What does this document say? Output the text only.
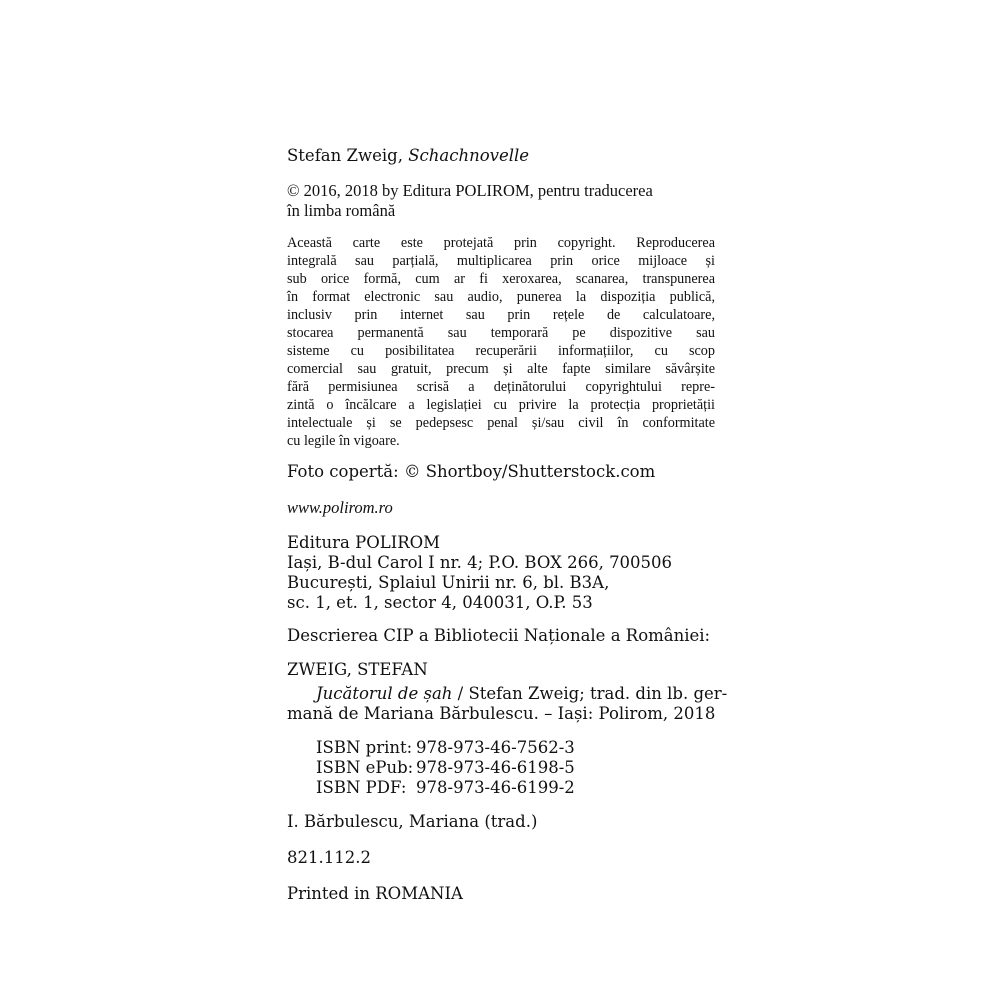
Stefan Zweig, Schachnovelle
© 2016, 2018 by Editura POLIROM, pentru traducerea
în limba română
Această carte este protejată prin copyright. Reproducerea
integrală sau parțială, multiplicarea prin orice mijloace și
sub orice formă, cum ar fi xeroxarea, scanarea, transpunerea
în format electronic sau audio, punerea la dispoziția publică,
inclusiv prin internet sau prin rețele de calculatoare,
stocarea permanentă sau temporară pe dispozitive sau
sisteme cu posibilitatea recuperării informațiilor, cu scop
comercial sau gratuit, precum și alte fapte similare săvârșite
fără permisiunea scrisă a deținătorului copyrightului repre-
zintă o încălcare a legislației cu privire la protecția proprietății
intelectuale și se pedepsesc penal și/sau civil în conformitate
cu legile în vigoare.
Foto copertă: © Shortboy/Shutterstock.com
www.polirom.ro
Editura POLIROM
Iași, B-dul Carol I nr. 4; P.O. BOX 266, 700506
București, Splaiul Unirii nr. 6, bl. B3A,
sc. 1, et. 1, sector 4, 040031, O.P. 53
Descrierea CIP a Bibliotecii Naționale a României:
ZWEIG, STEFAN
Jucătorul de șah / Stefan Zweig; trad. din lb. ger-
mană de Mariana Bărbulescu. – Iași: Polirom, 2018
ISBN print: 978-973-46-7562-3
ISBN ePub: 978-973-46-6198-5
ISBN PDF: 978-973-46-6199-2
I. Bărbulescu, Mariana (trad.)
821.112.2
Printed in ROMANIA
